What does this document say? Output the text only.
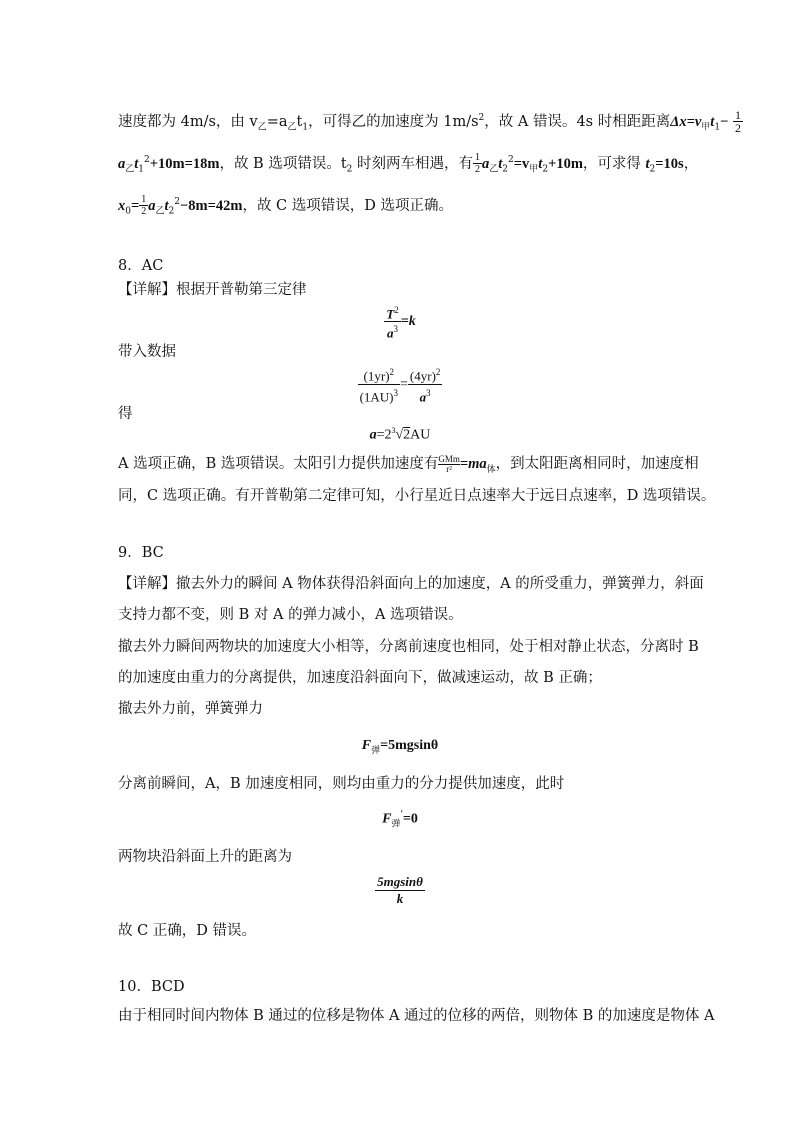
速度都为 4m/s，由 $v_乙=a_乙t_1$，可得乙的加速度为 $1m/s^2$，故 A 错误。4s 时相距距离$\Delta x=v_甲t_1- \frac{1}{2}$
$a_乙t_1^2+10m=18m$，故 B 选项错误。$t_2$ 时刻两车相遇，有 $\frac{1}{2} a_乙t_2^2=v_甲t_2+10m$，可求得 $t_2=10s$，
$x_0= \frac{1}{2} a_乙t_2^2-8m=42m$，故 C 选项错误，D 选项正确。
8．AC
【详解】根据开普勒第三定律
$\frac{T^2}{a^3} =k$
带入数据
$\frac{(1yr)^2}{(1AU)^3} = \frac{(4yr)^2}{a^3}$
得
$a=2^3√2AU$
A 选项正确，B 选项错误。太阳引力提供加速度有 GMm
$r^2 =ma_体$，到太阳距离相同时，加速度相
同，C 选项正确。有开普勒第二定律可知，小行星近日点速率大于远日点速率，D 选项错误。
9．BC
【详解】撤去外力的瞬间 A 物体获得沿斜面向上的加速度，A 的所受重力，弹簧弹力，斜面
支持力都不变，则 B 对 A 的弹力减小，A 选项错误。
撤去外力瞬间两物块的加速度大小相等，分离前速度也相同，处于相对静止状态，分离时 B
的加速度由重力的分离提供，加速度沿斜面向下，做减速运动，故 B 正确；
撤去外力前，弹簧弹力
$F_弹=5mgsin\theta$
分离前瞬间，A，B 加速度相同，则均由重力的分力提供加速度，此时
$F_弹'=0$
两物块沿斜面上升的距离为
$\frac{5mgsin\theta}{k}$
故 C 正确，D 错误。
10．BCD
由于相同时间内物体 B 通过的位移是物体 A 通过的位移的两倍，则物体 B 的加速度是物体 A
